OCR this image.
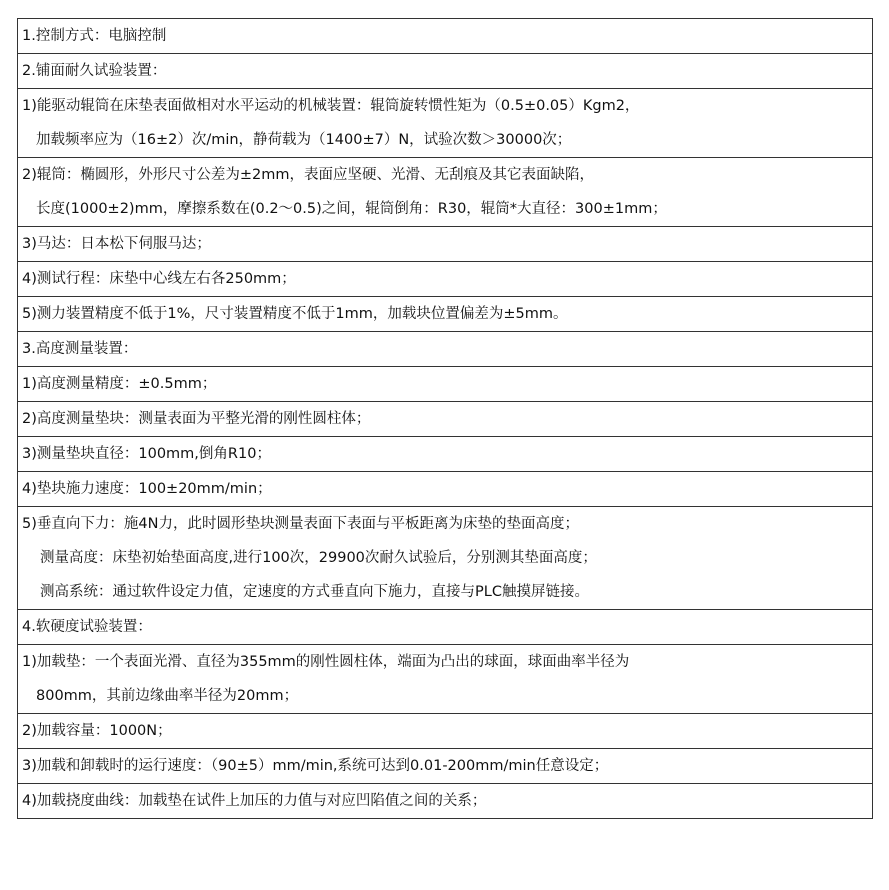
1.控制方式：电脑控制

2.铺面耐久试验装置：

1)能驱动辊筒在床垫表面做相对水平运动的机械装置：辊筒旋转惯性矩为（0.5±0.05）Kgm2，
加载频率应为（16±2）次/min，静荷载为（1400±7）N，试验次数＞30000次；

2)辊筒：椭圆形，外形尺寸公差为±2mm，表面应坚硬、光滑、无刮痕及其它表面缺陷，
长度(1000±2)mm，摩擦系数在(0.2～0.5)之间，辊筒倒角：R30，辊筒*大直径：300±1mm；

3)马达：日本松下伺服马达；

4)测试行程：床垫中心线左右各250mm；

5)测力装置精度不低于1%，尺寸装置精度不低于1mm，加载块位置偏差为±5mm。

3.高度测量装置：

1)高度测量精度：±0.5mm；

2)高度测量垫块：测量表面为平整光滑的刚性圆柱体；

3)测量垫块直径：100mm,倒角R10；

4)垫块施力速度：100±20mm/min；

5)垂直向下力：施4N力，此时圆形垫块测量表面下表面与平板距离为床垫的垫面高度；
测量高度：床垫初始垫面高度,进行100次，29900次耐久试验后，分别测其垫面高度；
测高系统：通过软件设定力值，定速度的方式垂直向下施力，直接与PLC触摸屏链接。

4.软硬度试验装置：

1)加载垫：一个表面光滑、直径为355mm的刚性圆柱体，端面为凸出的球面，球面曲率半径为
800mm，其前边缘曲率半径为20mm；

2)加载容量：1000N；

3)加载和卸载时的运行速度：（90±5）mm/min,系统可达到0.01-200mm/min任意设定；

4)加载挠度曲线：加载垫在试件上加压的力值与对应凹陷值之间的关系；
